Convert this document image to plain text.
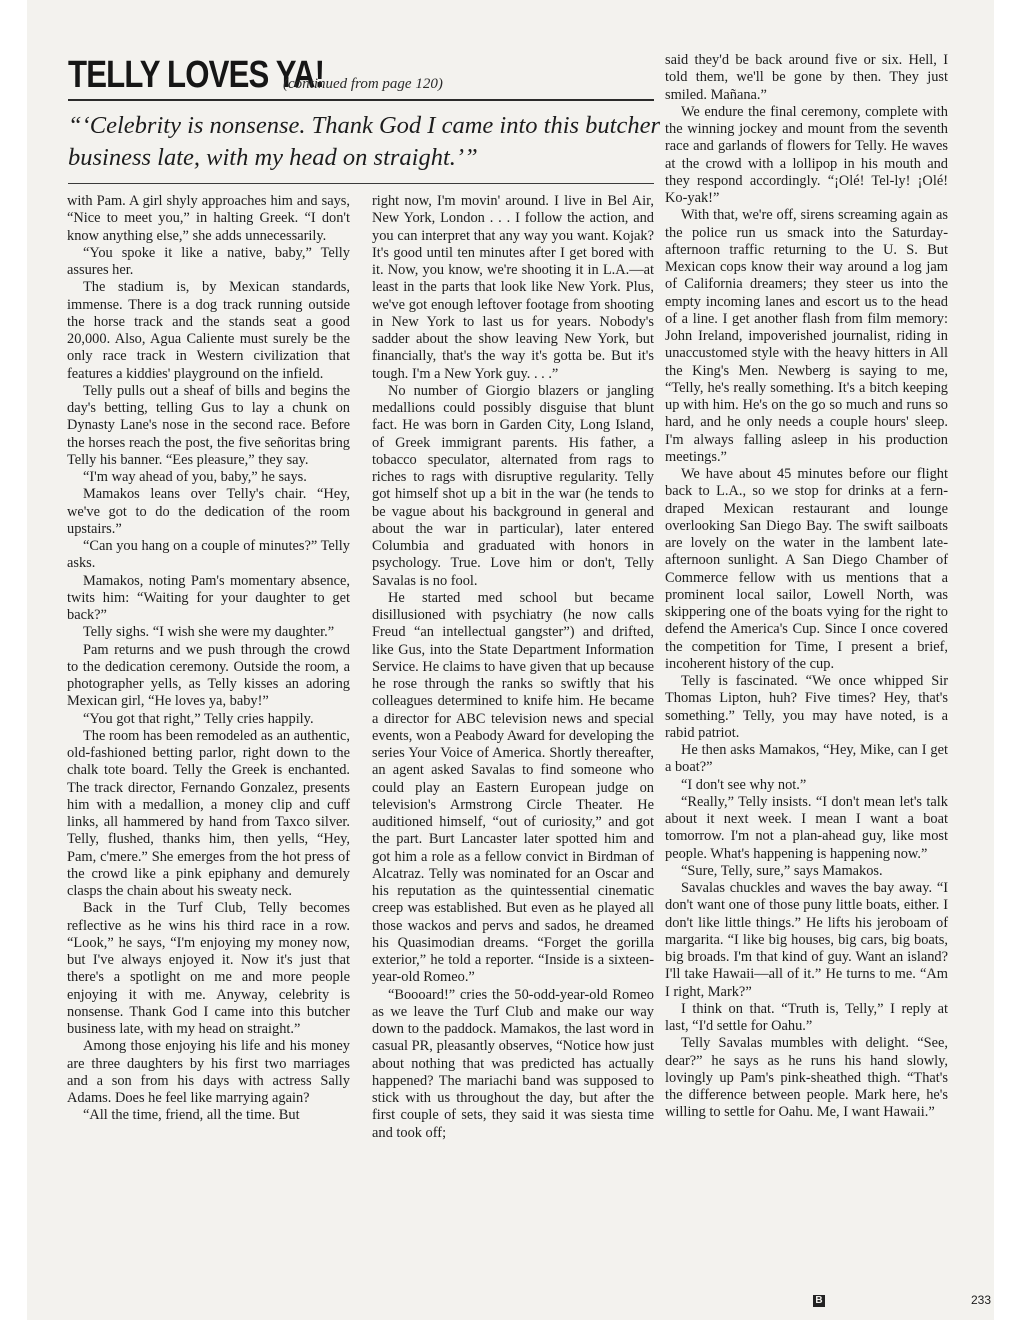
TELLY LOVES YA!
(continued from page 120)
“‘Celebrity is nonsense. Thank God I came into this butcher business late, with my head on straight.’”

with Pam. A girl shyly approaches him and says, “Nice to meet you,” in halting Greek. “I don't know anything else,” she adds unnecessarily.

“You spoke it like a native, baby,” Telly assures her.

The stadium is, by Mexican standards, immense. There is a dog track running outside the horse track and the stands seat a good 20,000. Also, Agua Caliente must surely be the only race track in Western civilization that features a kiddies' playground on the infield.

Telly pulls out a sheaf of bills and begins the day's betting, telling Gus to lay a chunk on Dynasty Lane's nose in the second race. Before the horses reach the post, the five señoritas bring Telly his banner. “Ees pleasure,” they say.

“I'm way ahead of you, baby,” he says.

Mamakos leans over Telly's chair. “Hey, we've got to do the dedication of the room upstairs.”

“Can you hang on a couple of minutes?” Telly asks.

Mamakos, noting Pam's momentary absence, twits him: “Waiting for your daughter to get back?”

Telly sighs. “I wish she were my daughter.”

Pam returns and we push through the crowd to the dedication ceremony. Outside the room, a photographer yells, as Telly kisses an adoring Mexican girl, “He loves ya, baby!”

“You got that right,” Telly cries happily.

The room has been remodeled as an authentic, old-fashioned betting parlor, right down to the chalk tote board. Telly the Greek is enchanted. The track director, Fernando Gonzalez, presents him with a medallion, a money clip and cuff links, all hammered by hand from Taxco silver. Telly, flushed, thanks him, then yells, “Hey, Pam, c'mere.” She emerges from the hot press of the crowd like a pink epiphany and demurely clasps the chain about his sweaty neck.

Back in the Turf Club, Telly becomes reflective as he wins his third race in a row. “Look,” he says, “I'm enjoying my money now, but I've always enjoyed it. Now it's just that there's a spotlight on me and more people enjoying it with me. Anyway, celebrity is nonsense. Thank God I came into this butcher business late, with my head on straight.”

Among those enjoying his life and his money are three daughters by his first two marriages and a son from his days with actress Sally Adams. Does he feel like marrying again?

“All the time, friend, all the time. But

right now, I'm movin' around. I live in Bel Air, New York, London . . . I follow the action, and you can interpret that any way you want. Kojak? It's good until ten minutes after I get bored with it. Now, you know, we're shooting it in L.A.—at least in the parts that look like New York. Plus, we've got enough leftover footage from shooting in New York to last us for years. Nobody's sadder about the show leaving New York, but financially, that's the way it's gotta be. But it's tough. I'm a New York guy. . . .”

No number of Giorgio blazers or jangling medallions could possibly disguise that blunt fact. He was born in Garden City, Long Island, of Greek immigrant parents. His father, a tobacco speculator, alternated from rags to riches to rags with disruptive regularity. Telly got himself shot up a bit in the war (he tends to be vague about his background in general and about the war in particular), later entered Columbia and graduated with honors in psychology. True. Love him or don't, Telly Savalas is no fool.

He started med school but became disillusioned with psychiatry (he now calls Freud “an intellectual gangster”) and drifted, like Gus, into the State Department Information Service. He claims to have given that up because he rose through the ranks so swiftly that his colleagues determined to knife him. He became a director for ABC television news and special events, won a Peabody Award for developing the series Your Voice of America. Shortly thereafter, an agent asked Savalas to find someone who could play an Eastern European judge on television's Armstrong Circle Theater. He auditioned himself, “out of curiosity,” and got the part. Burt Lancaster later spotted him and got him a role as a fellow convict in Birdman of Alcatraz. Telly was nominated for an Oscar and his reputation as the quintessential cinematic creep was established. But even as he played all those wackos and pervs and sados, he dreamed his Quasimodian dreams. “Forget the gorilla exterior,” he told a reporter. “Inside is a sixteen-year-old Romeo.”

“Boooard!” cries the 50-odd-year-old Romeo as we leave the Turf Club and make our way down to the paddock. Mamakos, the last word in casual PR, pleasantly observes, “Notice how just about nothing that was predicted has actually happened? The mariachi band was supposed to stick with us throughout the day, but after the first couple of sets, they said it was siesta time and took off;

said they'd be back around five or six. Hell, I told them, we'll be gone by then. They just smiled. Mañana.”

We endure the final ceremony, complete with the winning jockey and mount from the seventh race and garlands of flowers for Telly. He waves at the crowd with a lollipop in his mouth and they respond accordingly. “¡Olé! Tel-ly! ¡Olé! Ko-yak!”

With that, we're off, sirens screaming again as the police run us smack into the Saturday-afternoon traffic returning to the U. S. But Mexican cops know their way around a log jam of California dreamers; they steer us into the empty incoming lanes and escort us to the head of a line. I get another flash from film memory: John Ireland, impoverished journalist, riding in unaccustomed style with the heavy hitters in All the King's Men. Newberg is saying to me, “Telly, he's really something. It's a bitch keeping up with him. He's on the go so much and runs so hard, and he only needs a couple hours' sleep. I'm always falling asleep in his production meetings.”

We have about 45 minutes before our flight back to L.A., so we stop for drinks at a fern-draped Mexican restaurant and lounge overlooking San Diego Bay. The swift sailboats are lovely on the water in the lambent late-afternoon sunlight. A San Diego Chamber of Commerce fellow with us mentions that a prominent local sailor, Lowell North, was skippering one of the boats vying for the right to defend the America's Cup. Since I once covered the competition for Time, I present a brief, incoherent history of the cup.

Telly is fascinated. “We once whipped Sir Thomas Lipton, huh? Five times? Hey, that's something.” Telly, you may have noted, is a rabid patriot.

He then asks Mamakos, “Hey, Mike, can I get a boat?”

“I don't see why not.”

“Really,” Telly insists. “I don't mean let's talk about it next week. I mean I want a boat tomorrow. I'm not a plan-ahead guy, like most people. What's happening is happening now.”

“Sure, Telly, sure,” says Mamakos.

Savalas chuckles and waves the bay away. “I don't want one of those puny little boats, either. I don't like little things.” He lifts his jeroboam of margarita. “I like big houses, big cars, big boats, big broads. I'm that kind of guy. Want an island? I'll take Hawaii—all of it.” He turns to me. “Am I right, Mark?”

I think on that. “Truth is, Telly,” I reply at last, “I'd settle for Oahu.”

Telly Savalas mumbles with delight. “See, dear?” he says as he runs his hand slowly, lovingly up Pam's pink-sheathed thigh. “That's the difference between people. Mark here, he's willing to settle for Oahu. Me, I want Hawaii.”

B	233
